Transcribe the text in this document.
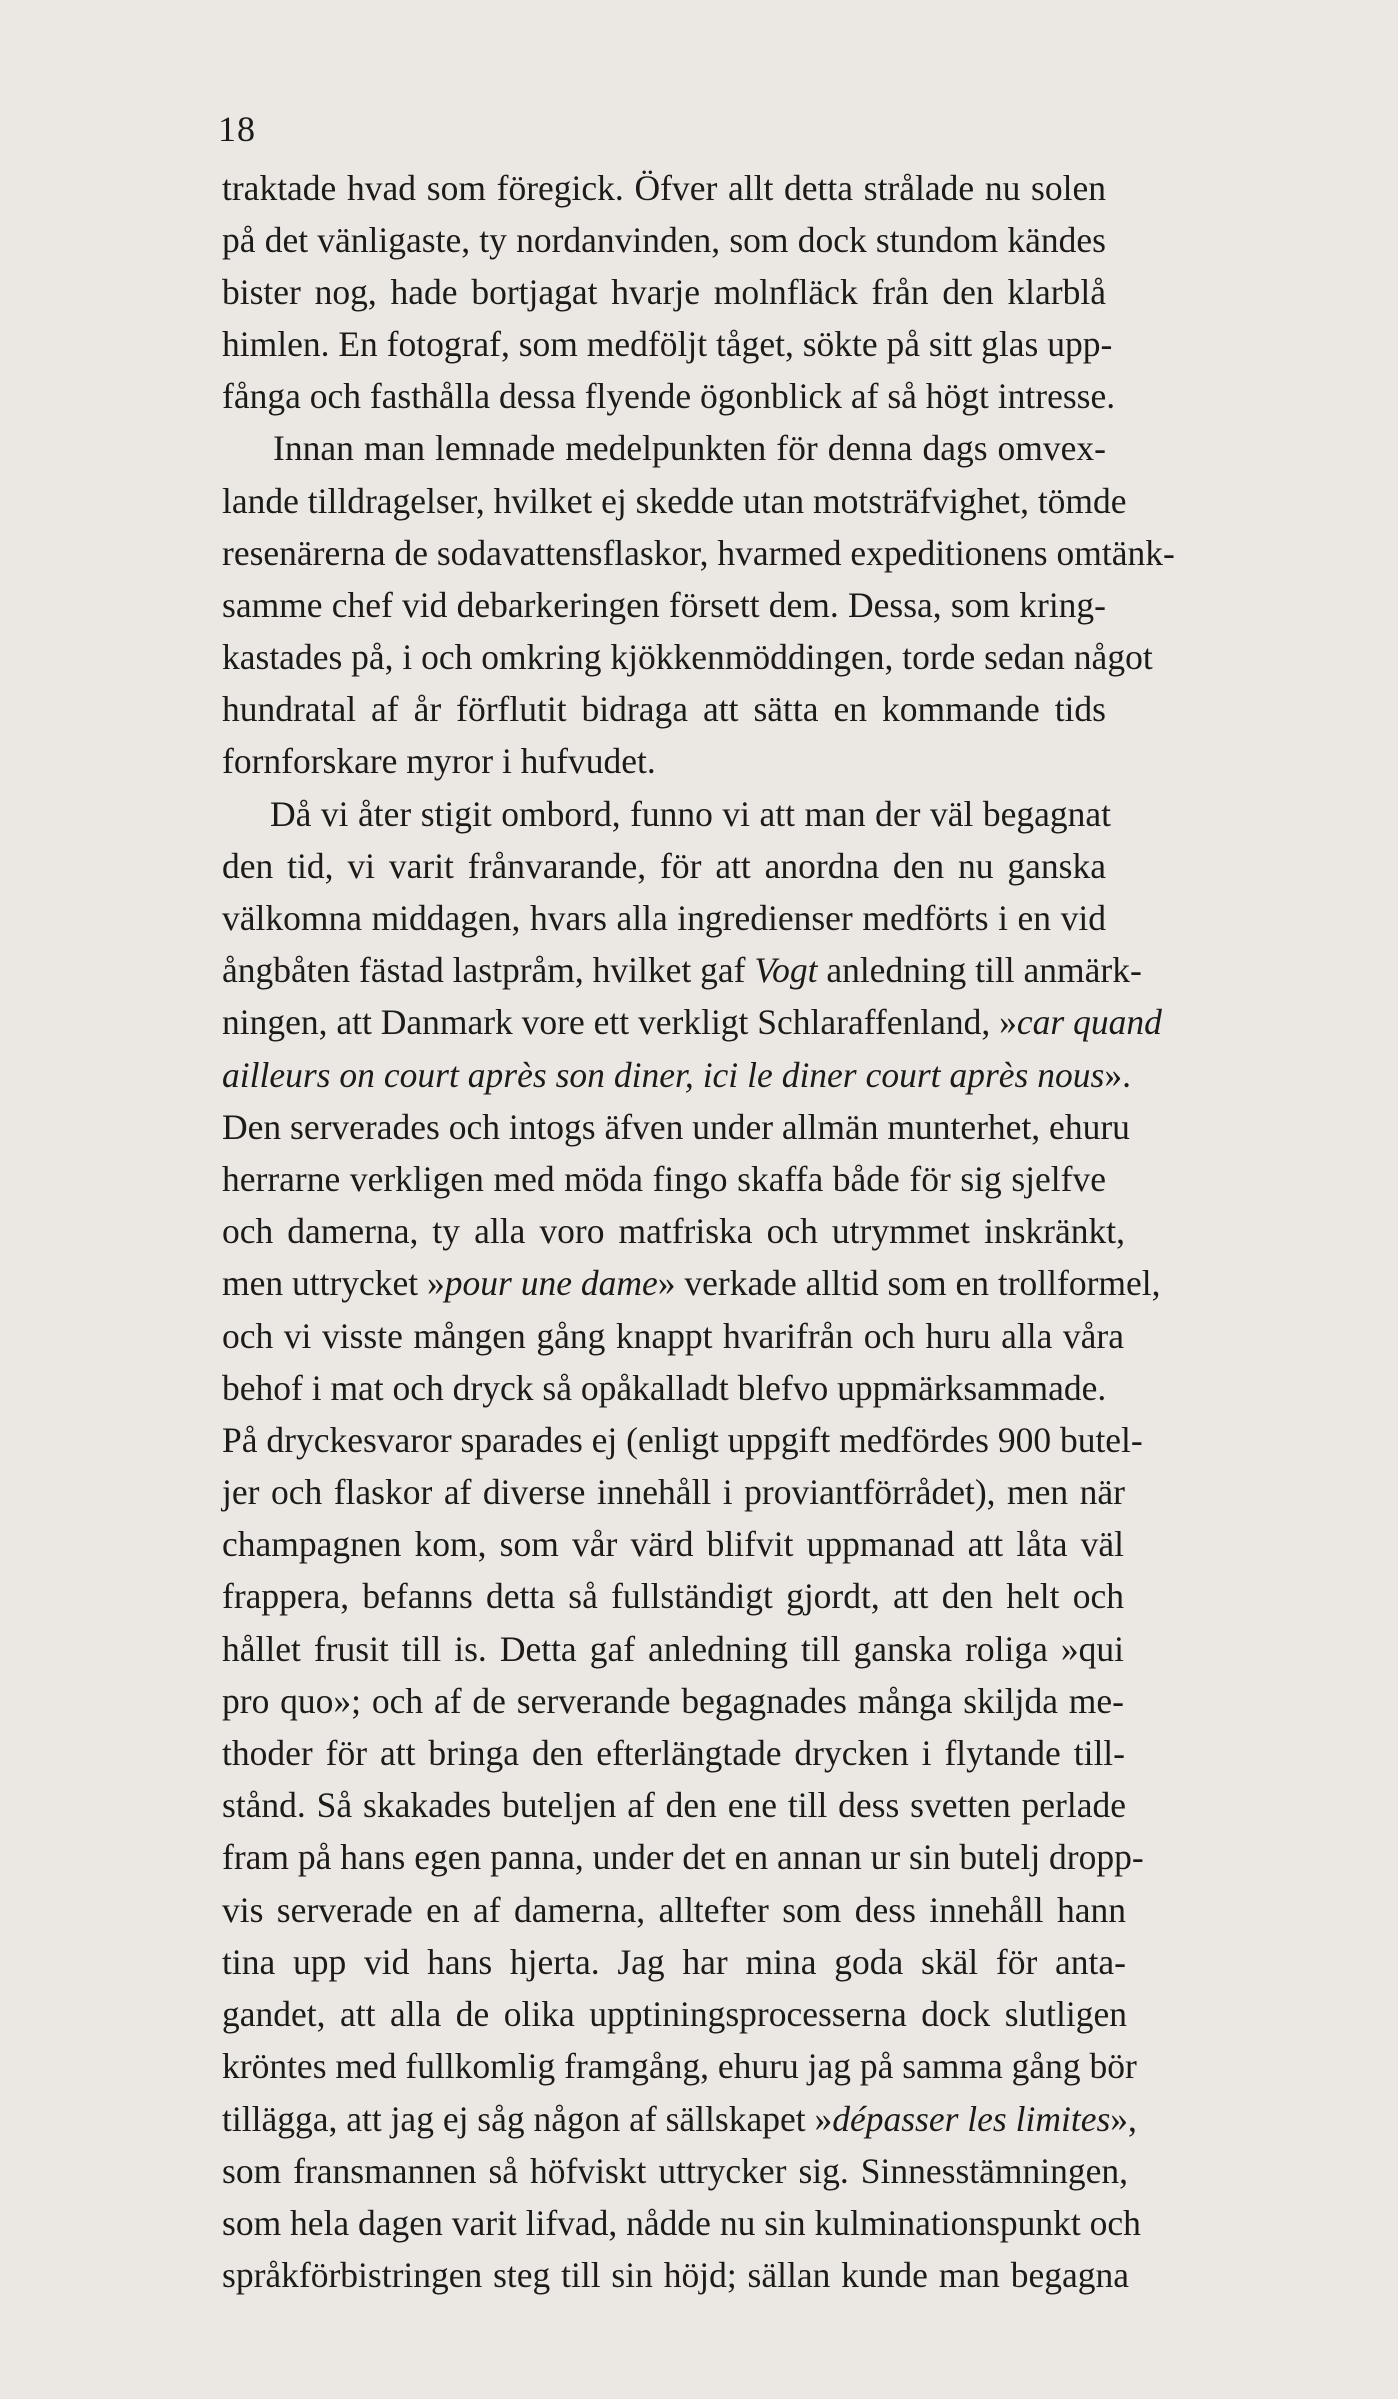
18
traktade hvad som föregick. Öfver allt detta strålade nu solen
på det vänligaste, ty nordanvinden, som dock stundom kändes
bister nog, hade bortjagat hvarje molnfläck från den klarblå
himlen. En fotograf, som medföljt tåget, sökte på sitt glas upp-
fånga och fasthålla dessa flyende ögonblick af så högt intresse.
Innan man lemnade medelpunkten för denna dags omvex-
lande tilldragelser, hvilket ej skedde utan motsträfvighet, tömde
resenärerna de sodavattensflaskor, hvarmed expeditionens omtänk-
samme chef vid debarkeringen försett dem. Dessa, som kring-
kastades på, i och omkring kjökkenmöddingen, torde sedan något
hundratal af år förflutit bidraga att sätta en kommande tids
fornforskare myror i hufvudet.
Då vi åter stigit ombord, funno vi att man der väl begagnat
den tid, vi varit frånvarande, för att anordna den nu ganska
välkomna middagen, hvars alla ingredienser medförts i en vid
ångbåten fästad lastpråm, hvilket gaf Vogt anledning till anmärk-
ningen, att Danmark vore ett verkligt Schlaraffenland, »car quand
ailleurs on court après son diner, ici le diner court après nous».
Den serverades och intogs äfven under allmän munterhet, ehuru
herrarne verkligen med möda fingo skaffa både för sig sjelfve
och damerna, ty alla voro matfriska och utrymmet inskränkt,
men uttrycket »pour une dame» verkade alltid som en trollformel,
och vi visste mången gång knappt hvarifrån och huru alla våra
behof i mat och dryck så opåkalladt blefvo uppmärksammade.
På dryckesvaror sparades ej (enligt uppgift medfördes 900 butel-
jer och flaskor af diverse innehåll i proviantförrådet), men när
champagnen kom, som vår värd blifvit uppmanad att låta väl
frappera, befanns detta så fullständigt gjordt, att den helt och
hållet frusit till is. Detta gaf anledning till ganska roliga »qui
pro quo»; och af de serverande begagnades många skiljda me-
thoder för att bringa den efterlängtade drycken i flytande till-
stånd. Så skakades buteljen af den ene till dess svetten perlade
fram på hans egen panna, under det en annan ur sin butelj dropp-
vis serverade en af damerna, alltefter som dess innehåll hann
tina upp vid hans hjerta. Jag har mina goda skäl för anta-
gandet, att alla de olika upptiningsprocesserna dock slutligen
kröntes med fullkomlig framgång, ehuru jag på samma gång bör
tillägga, att jag ej såg någon af sällskapet »dépasser les limites»,
som fransmannen så höfviskt uttrycker sig. Sinnesstämningen,
som hela dagen varit lifvad, nådde nu sin kulminationspunkt och
språkförbistringen steg till sin höjd; sällan kunde man begagna
